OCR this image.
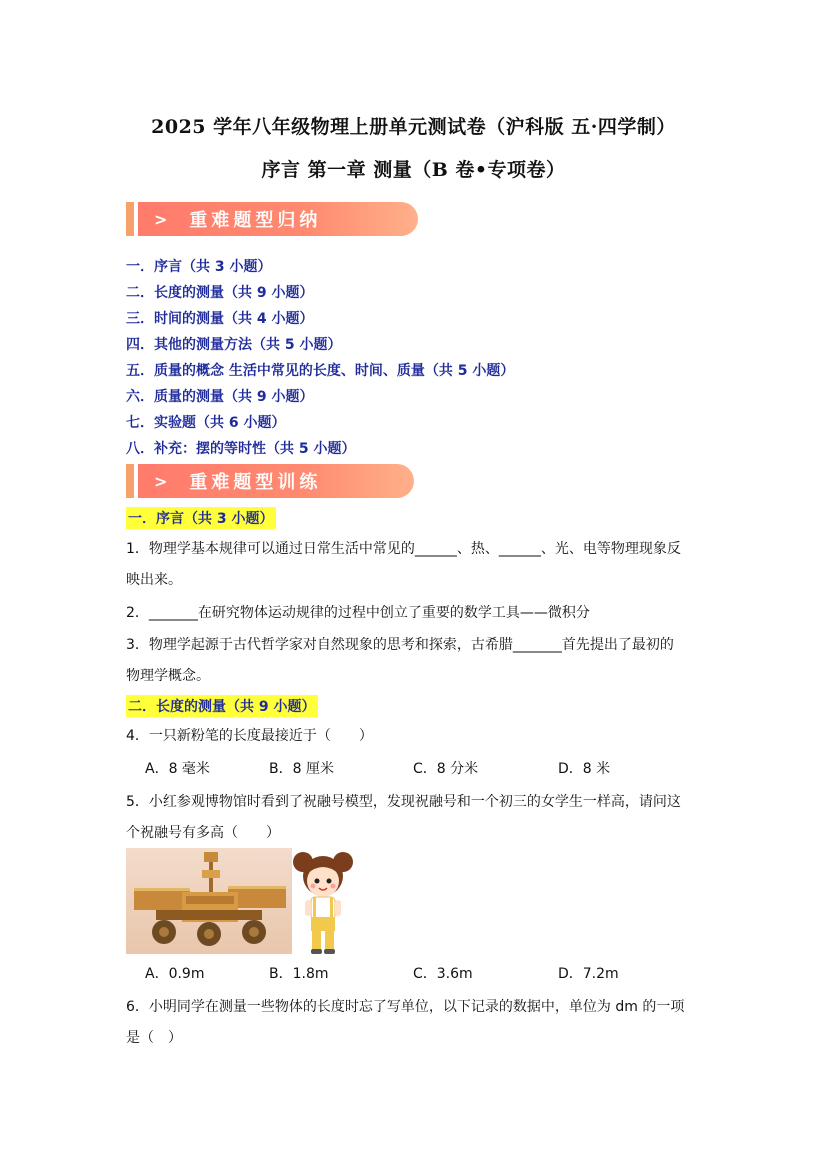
2025 学年八年级物理上册单元测试卷（沪科版 五·四学制）
序言 第一章 测量（B 卷•专项卷）
> 重难题型归纳
一．序言（共 3 小题）
二．长度的测量（共 9 小题）
三．时间的测量（共 4 小题）
四．其他的测量方法（共 5 小题）
五．质量的概念 生活中常见的长度、时间、质量（共 5 小题）
六．质量的测量（共 9 小题）
七．实验题（共 6 小题）
八．补充：摆的等时性（共 5 小题）
> 重难题型训练
一．序言（共 3 小题）
1．物理学基本规律可以通过日常生活中常见的______、热、______、光、电等物理现象反
映出来。
2．_______在研究物体运动规律的过程中创立了重要的数学工具——微积分
3．物理学起源于古代哲学家对自然现象的思考和探索，古希腊_______首先提出了最初的
物理学概念。
二．长度的测量（共 9 小题）
4．一只新粉笔的长度最接近于（　　）
A．8 毫米	B．8 厘米	C．8 分米	D．8 米
5．小红参观博物馆时看到了祝融号模型，发现祝融号和一个初三的女学生一样高，请问这
个祝融号有多高（　　）
A．0.9m	B．1.8m	C．3.6m	D．7.2m
6．小明同学在测量一些物体的长度时忘了写单位，以下记录的数据中，单位为 dm 的一项
是（　）
